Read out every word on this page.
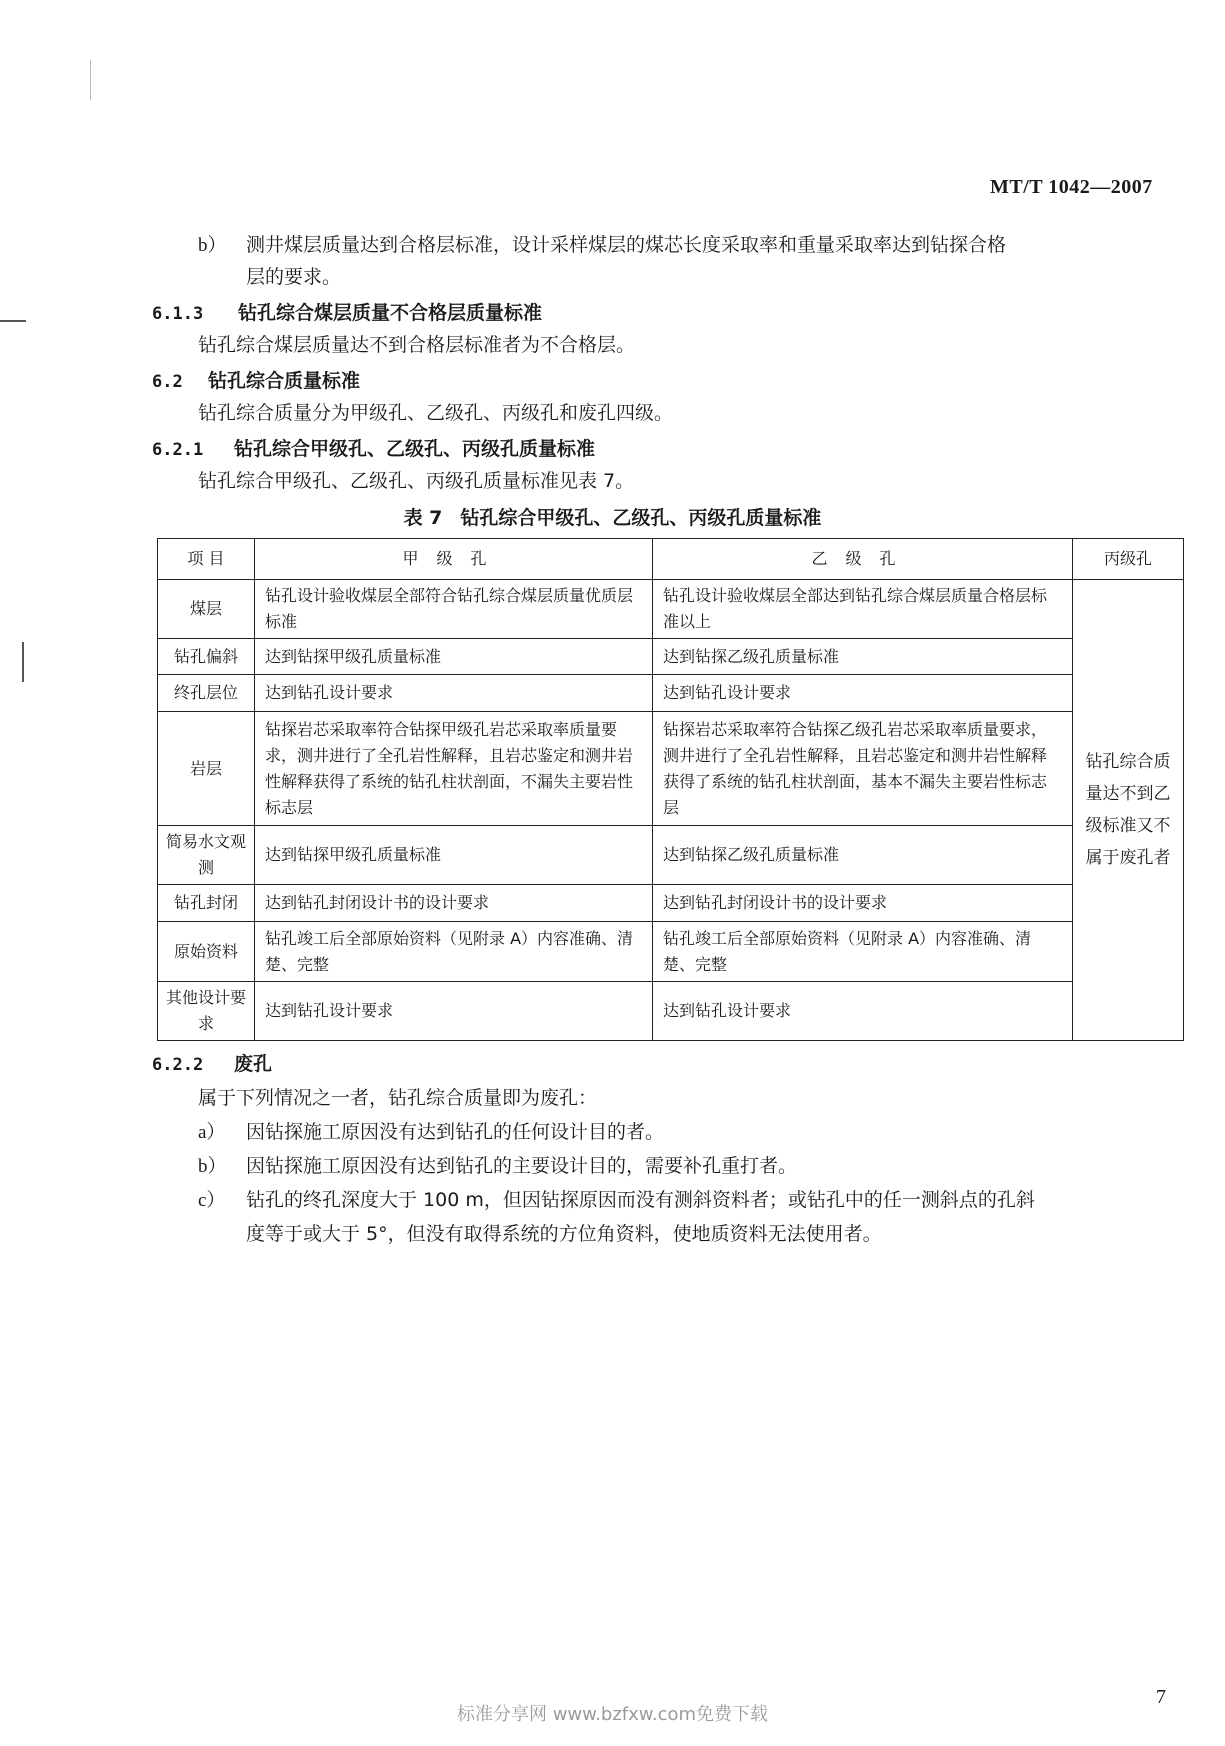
MT/T 1042—2007
b） 测井煤层质量达到合格层标准，设计采样煤层的煤芯长度采取率和重量采取率达到钻探合格
层的要求。
6.1.3 钻孔综合煤层质量不合格层质量标准
钻孔综合煤层质量达不到合格层标准者为不合格层。
6.2 钻孔综合质量标准
钻孔综合质量分为甲级孔、乙级孔、丙级孔和废孔四级。
6.2.1 钻孔综合甲级孔、乙级孔、丙级孔质量标准
钻孔综合甲级孔、乙级孔、丙级孔质量标准见表 7。
表 7 钻孔综合甲级孔、乙级孔、丙级孔质量标准
项 目	甲级孔	乙级孔	丙级孔
煤层	钻孔设计验收煤层全部符合钻孔综合煤层质量优质层标准	钻孔设计验收煤层全部达到钻孔综合煤层质量合格层标准以上	钻孔综合质量达不到乙级标准又不属于废孔者
钻孔偏斜	达到钻探甲级孔质量标准	达到钻探乙级孔质量标准	
终孔层位	达到钻孔设计要求	达到钻孔设计要求	
岩层	钻探岩芯采取率符合钻探甲级孔岩芯采取率质量要求，测井进行了全孔岩性解释，且岩芯鉴定和测井岩性解释获得了系统的钻孔柱状剖面，不漏失主要岩性标志层	钻探岩芯采取率符合钻探乙级孔岩芯采取率质量要求，测井进行了全孔岩性解释，且岩芯鉴定和测井岩性解释获得了系统的钻孔柱状剖面，基本不漏失主要岩性标志层	
简易水文观测	达到钻探甲级孔质量标准	达到钻探乙级孔质量标准	
钻孔封闭	达到钻孔封闭设计书的设计要求	达到钻孔封闭设计书的设计要求	
原始资料	钻孔竣工后全部原始资料（见附录 A）内容准确、清楚、完整	钻孔竣工后全部原始资料（见附录 A）内容准确、清楚、完整	
其他设计要求	达到钻孔设计要求	达到钻孔设计要求	
6.2.2 废孔
属于下列情况之一者，钻孔综合质量即为废孔：
a） 因钻探施工原因没有达到钻孔的任何设计目的者。
b） 因钻探施工原因没有达到钻孔的主要设计目的，需要补孔重打者。
c） 钻孔的终孔深度大于 100 m，但因钻探原因而没有测斜资料者；或钻孔中的任一测斜点的孔斜
度等于或大于 5°，但没有取得系统的方位角资料，使地质资料无法使用者。
7
标准分享网 www.bzfxw.com免费下载
